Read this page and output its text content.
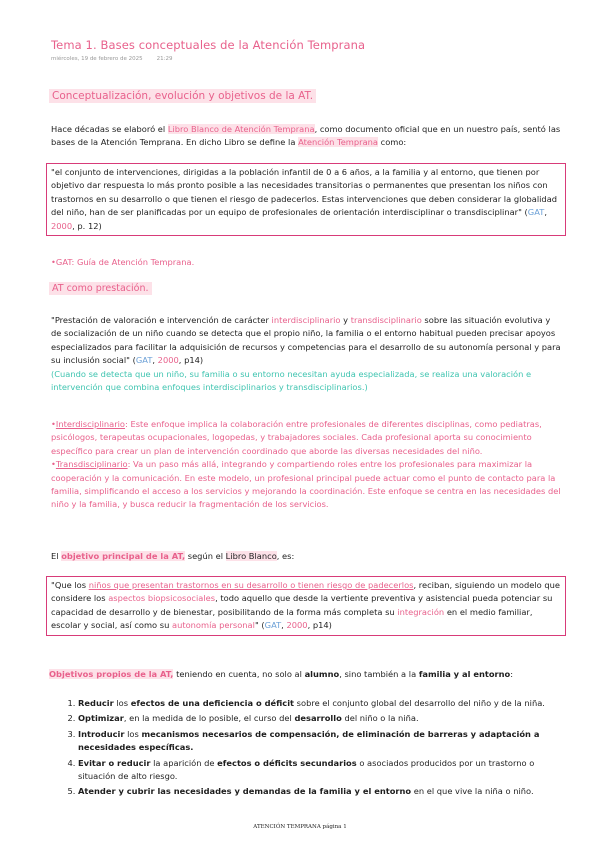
Tema 1. Bases conceptuales de la Atención Temprana
miércoles, 19 de febrero de 2025	21:29
Conceptualización, evolución y objetivos de la AT.
Hace décadas se elaboró el Libro Blanco de Atención Temprana, como documento oficial que en un nuestro país, sentó las bases de la Atención Temprana. En dicho Libro se define la Atención Temprana como:
"el conjunto de intervenciones, dirigidas a la población infantil de 0 a 6 años, a la familia y al entorno, que tienen por objetivo dar respuesta lo más pronto posible a las necesidades transitorias o permanentes que presentan los niños con trastornos en su desarrollo o que tienen el riesgo de padecerlos. Estas intervenciones que deben considerar la globalidad del niño, han de ser planificadas por un equipo de profesionales de orientación interdisciplinar o transdisciplinar" (GAT, 2000, p. 12)
•GAT: Guía de Atención Temprana.
AT como prestación.
"Prestación de valoración e intervención de carácter interdisciplinario y transdisciplinario sobre las situación evolutiva y de socialización de un niño cuando se detecta que el propio niño, la familia o el entorno habitual pueden precisar apoyos especializados para facilitar la adquisición de recursos y competencias para el desarrollo de su autonomía personal y para su inclusión social" (GAT, 2000, p14)
(Cuando se detecta que un niño, su familia o su entorno necesitan ayuda especializada, se realiza una valoración e intervención que combina enfoques interdisciplinarios y transdisciplinarios.)
•Interdisciplinario: Este enfoque implica la colaboración entre profesionales de diferentes disciplinas, como pediatras, psicólogos, terapeutas ocupacionales, logopedas, y trabajadores sociales. Cada profesional aporta su conocimiento específico para crear un plan de intervención coordinado que aborde las diversas necesidades del niño.
•Transdisciplinario: Va un paso más allá, integrando y compartiendo roles entre los profesionales para maximizar la cooperación y la comunicación. En este modelo, un profesional principal puede actuar como el punto de contacto para la familia, simplificando el acceso a los servicios y mejorando la coordinación. Este enfoque se centra en las necesidades del niño y la familia, y busca reducir la fragmentación de los servicios.
El objetivo principal de la AT, según el Libro Blanco, es:
"Que los niños que presentan trastornos en su desarrollo o tienen riesgo de padecerlos, reciban, siguiendo un modelo que considere los aspectos biopsicosociales, todo aquello que desde la vertiente preventiva y asistencial pueda potenciar su capacidad de desarrollo y de bienestar, posibilitando de la forma más completa su integración en el medio familiar, escolar y social, así como su autonomía personal" (GAT, 2000, p14)
Objetivos propios de la AT, teniendo en cuenta, no solo al alumno, sino también a la familia y al entorno:
1. Reducir los efectos de una deficiencia o déficit sobre el conjunto global del desarrollo del niño y de la niña.
2. Optimizar, en la medida de lo posible, el curso del desarrollo del niño o la niña.
3. Introducir los mecanismos necesarios de compensación, de eliminación de barreras y adaptación a necesidades específicas.
4. Evitar o reducir la aparición de efectos o déficits secundarios o asociados producidos por un trastorno o situación de alto riesgo.
5. Atender y cubrir las necesidades y demandas de la familia y el entorno en el que vive la niña o niño.
ATENCIÓN TEMPRANA página 1
